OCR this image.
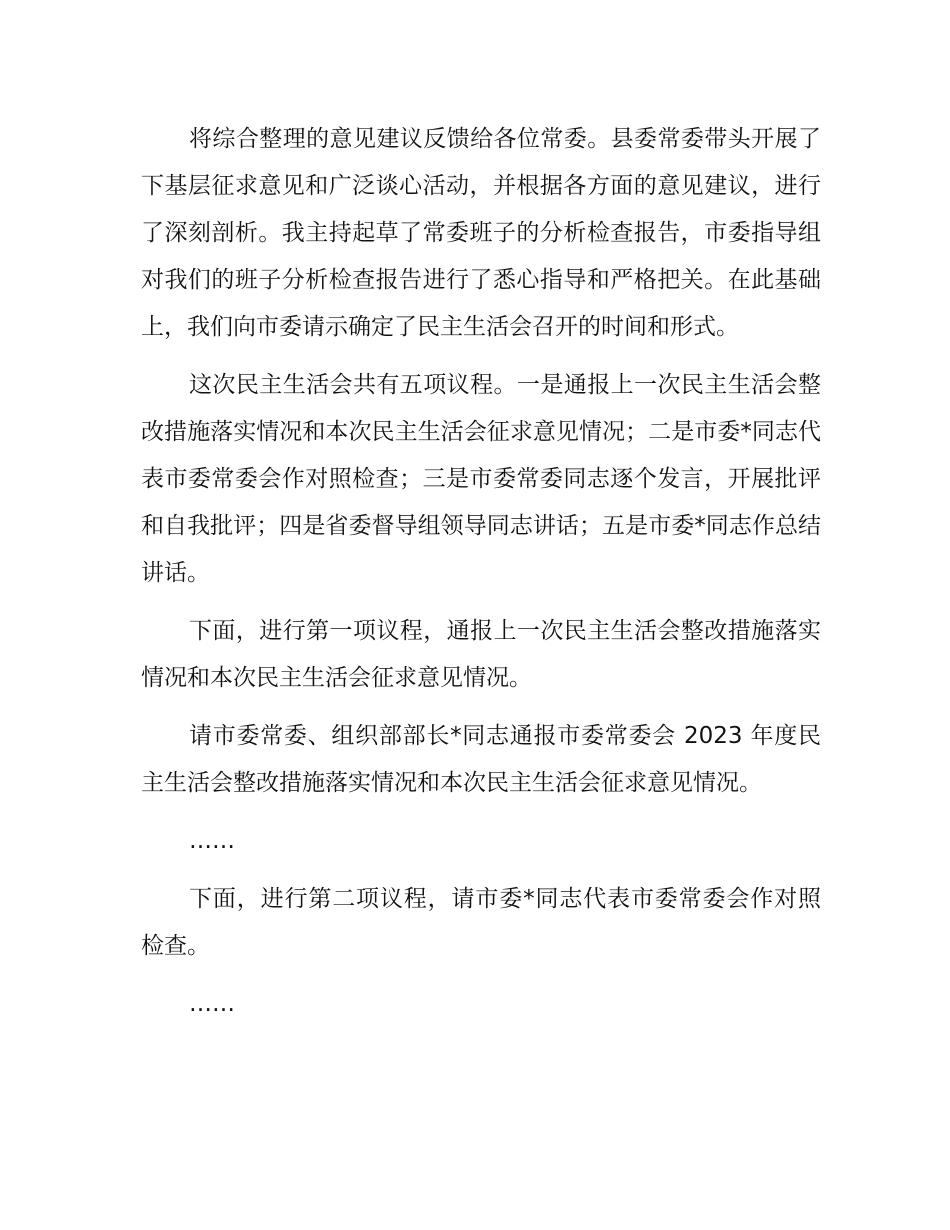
将综合整理的意见建议反馈给各位常委。县委常委带头开展了下基层征求意见和广泛谈心活动，并根据各方面的意见建议，进行了深刻剖析。我主持起草了常委班子的分析检查报告，市委指导组对我们的班子分析检查报告进行了悉心指导和严格把关。在此基础上，我们向市委请示确定了民主生活会召开的时间和形式。

这次民主生活会共有五项议程。一是通报上一次民主生活会整改措施落实情况和本次民主生活会征求意见情况；二是市委*同志代表市委常委会作对照检查；三是市委常委同志逐个发言，开展批评和自我批评；四是省委督导组领导同志讲话；五是市委*同志作总结讲话。

下面，进行第一项议程，通报上一次民主生活会整改措施落实情况和本次民主生活会征求意见情况。

请市委常委、组织部部长*同志通报市委常委会 2023 年度民主生活会整改措施落实情况和本次民主生活会征求意见情况。

……

下面，进行第二项议程，请市委*同志代表市委常委会作对照检查。

……
